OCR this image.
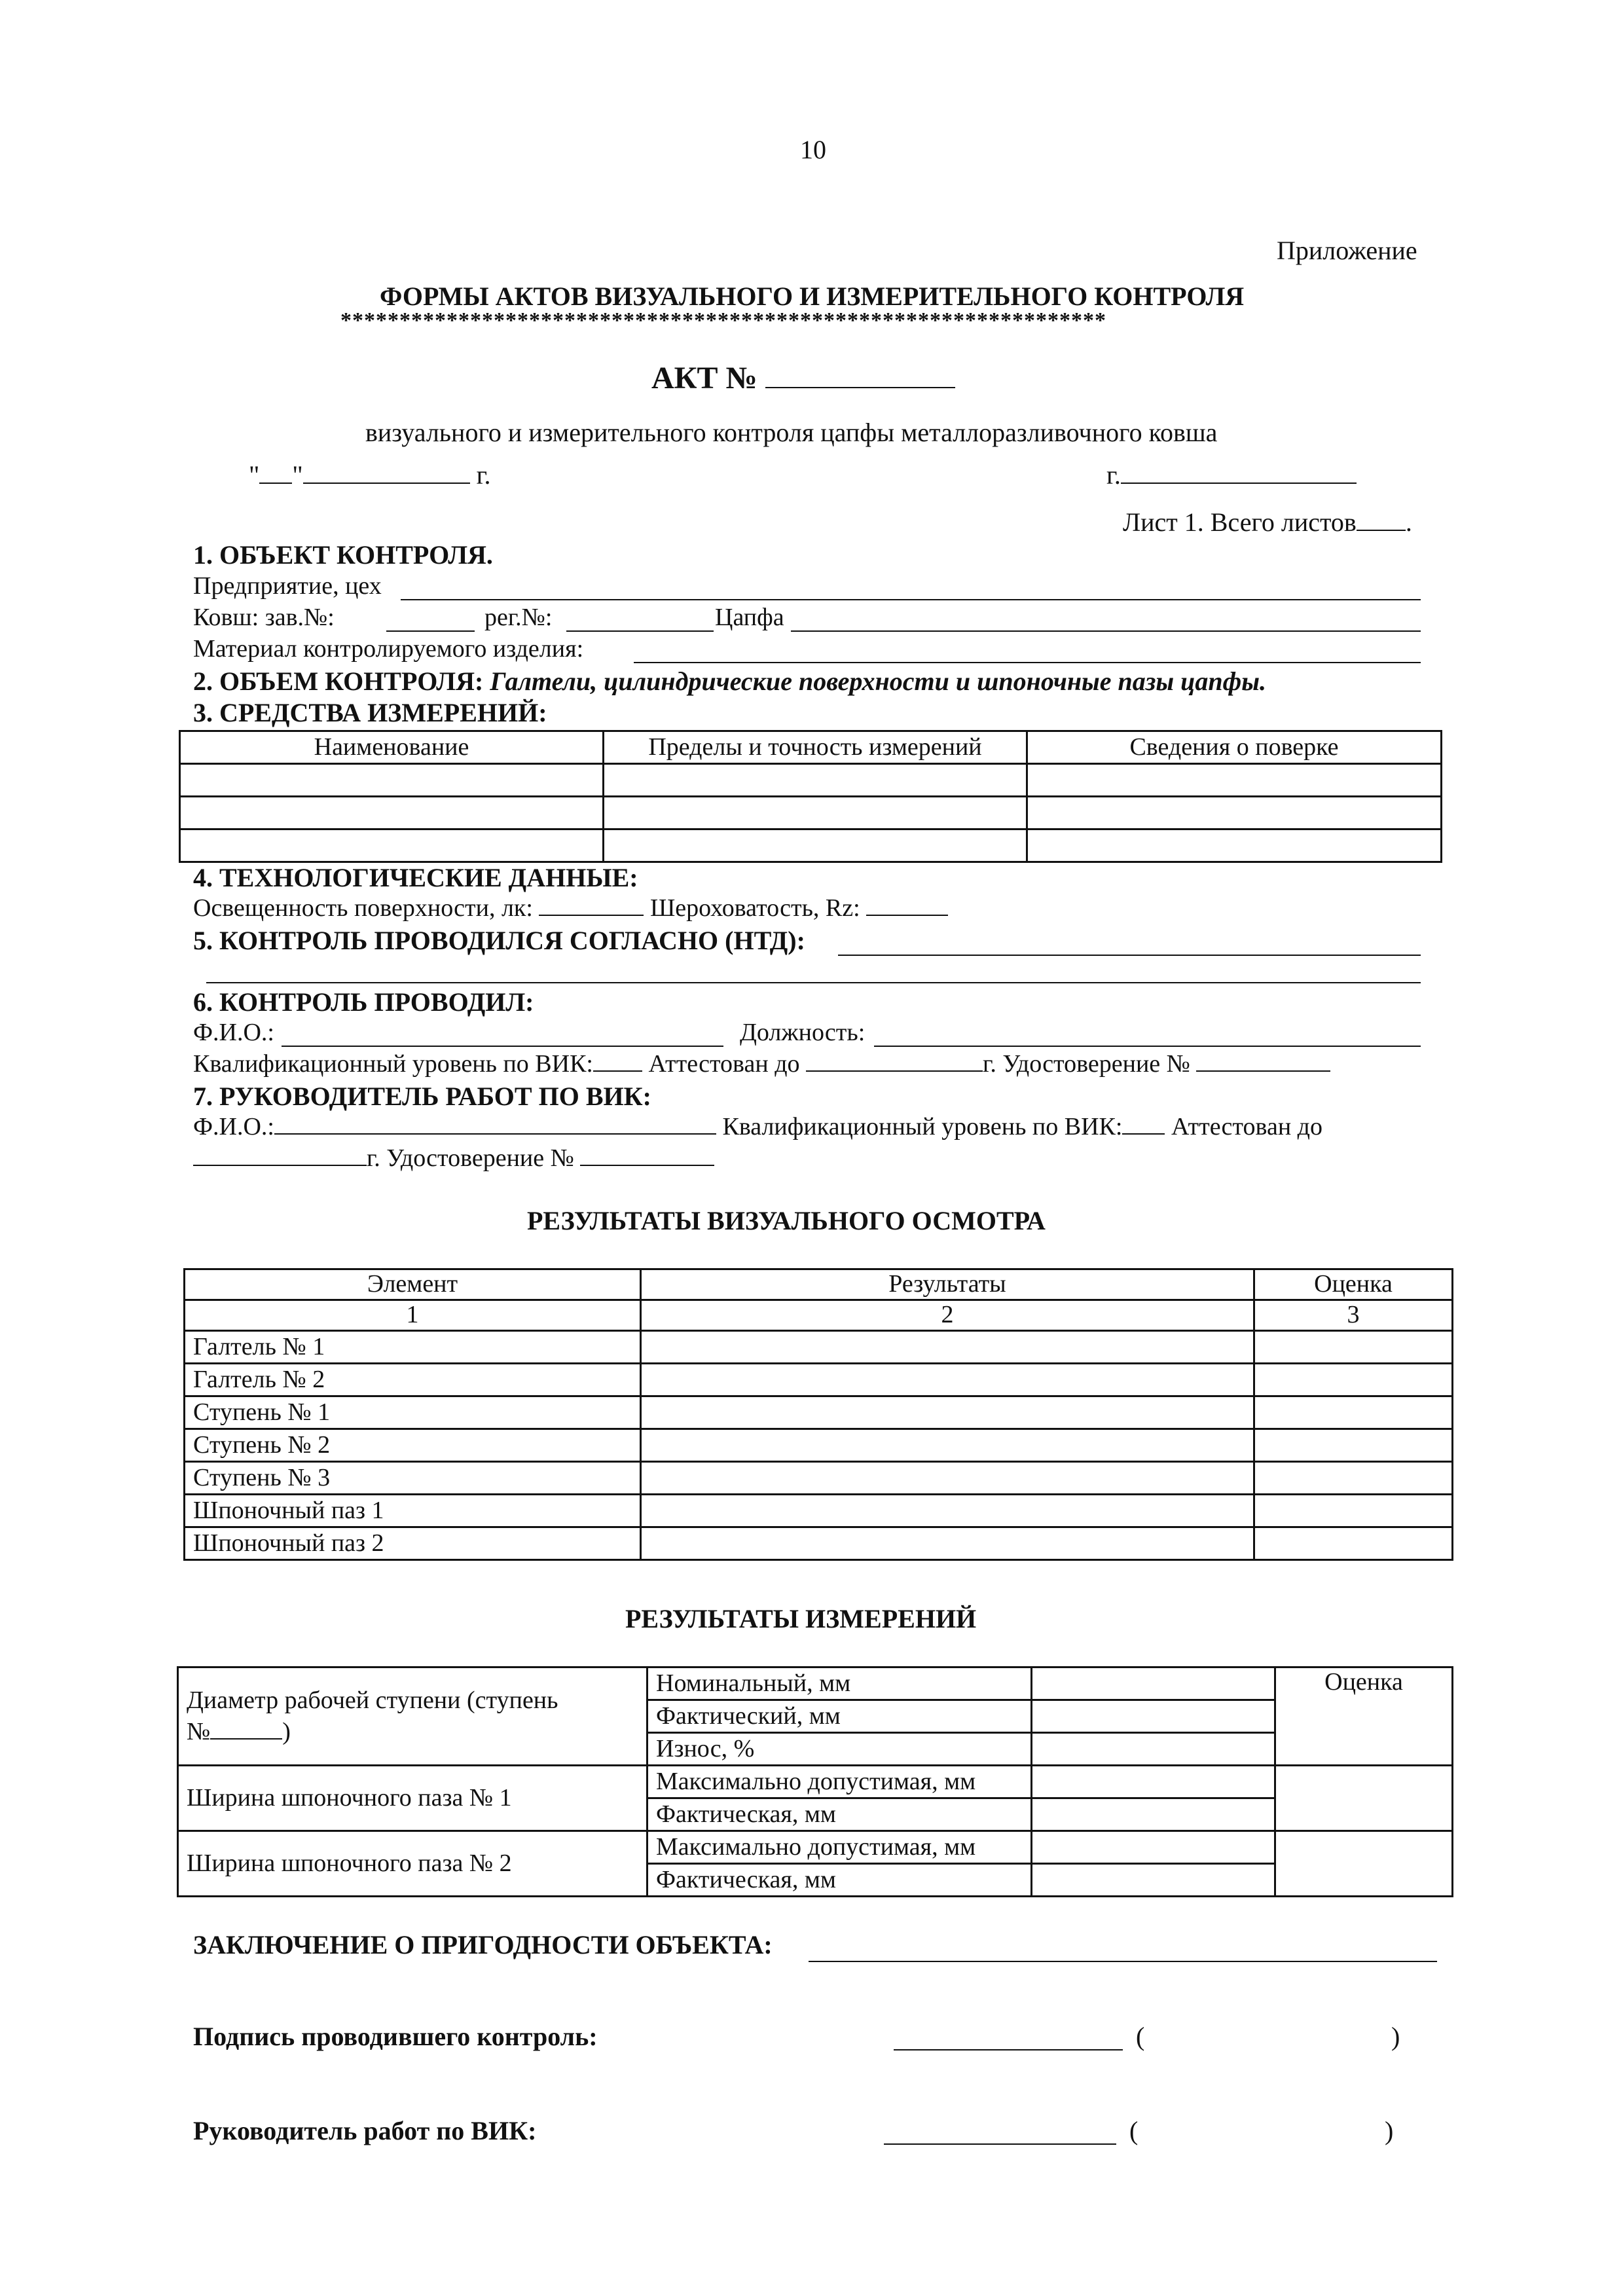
10
Приложение
ФОРМЫ АКТОВ ВИЗУАЛЬНОГО И ИЗМЕРИТЕЛЬНОГО КОНТРОЛЯ
*****************************************************************
АКТ №
визуального и измерительного контроля цапфы металлоразливочного ковша
" "	г.	г.
Лист 1. Всего листов .
1. ОБЪЕКТ КОНТРОЛЯ.
Предприятие, цех
Ковш: зав.№:	рег.№:	Цапфа
Материал контролируемого изделия:
2. ОБЪЕМ КОНТРОЛЯ: Галтели, цилиндрические поверхности и шпоночные пазы цапфы.
3. СРЕДСТВА ИЗМЕРЕНИЙ:
Наименование	Пределы и точность измерений	Сведения о поверке

4. ТЕХНОЛОГИЧЕСКИЕ ДАННЫЕ:
Освещенность поверхности, лк:	Шероховатость, Rz:
5. КОНТРОЛЬ ПРОВОДИЛСЯ СОГЛАСНО (НТД):
6. КОНТРОЛЬ ПРОВОДИЛ:
Ф.И.О.:	Должность:
Квалификационный уровень по ВИК: Аттестован до	г. Удостоверение №
7. РУКОВОДИТЕЛЬ РАБОТ ПО ВИК:
Ф.И.О.:	Квалификационный уровень по ВИК: Аттестован до
г. Удостоверение №
РЕЗУЛЬТАТЫ ВИЗУАЛЬНОГО ОСМОТРА
Элемент	Результаты	Оценка
1	2	3
Галтель № 1		
Галтель № 2		
Ступень № 1		
Ступень № 2		
Ступень № 3		
Шпоночный паз 1		
Шпоночный паз 2		
РЕЗУЛЬТАТЫ ИЗМЕРЕНИЙ
Диаметр рабочей ступени (ступень
№ )	Номинальный, мм		Оценка
	Фактический, мм		
	Износ, %		
Ширина шпоночного паза № 1	Максимально допустимая, мм		
	Фактическая, мм		
Ширина шпоночного паза № 2	Максимально допустимая, мм		
	Фактическая, мм		
ЗАКЛЮЧЕНИЕ О ПРИГОДНОСТИ ОБЪЕКТА:
Подпись проводившего контроль:	(	)
Руководитель работ по ВИК:	(	)
